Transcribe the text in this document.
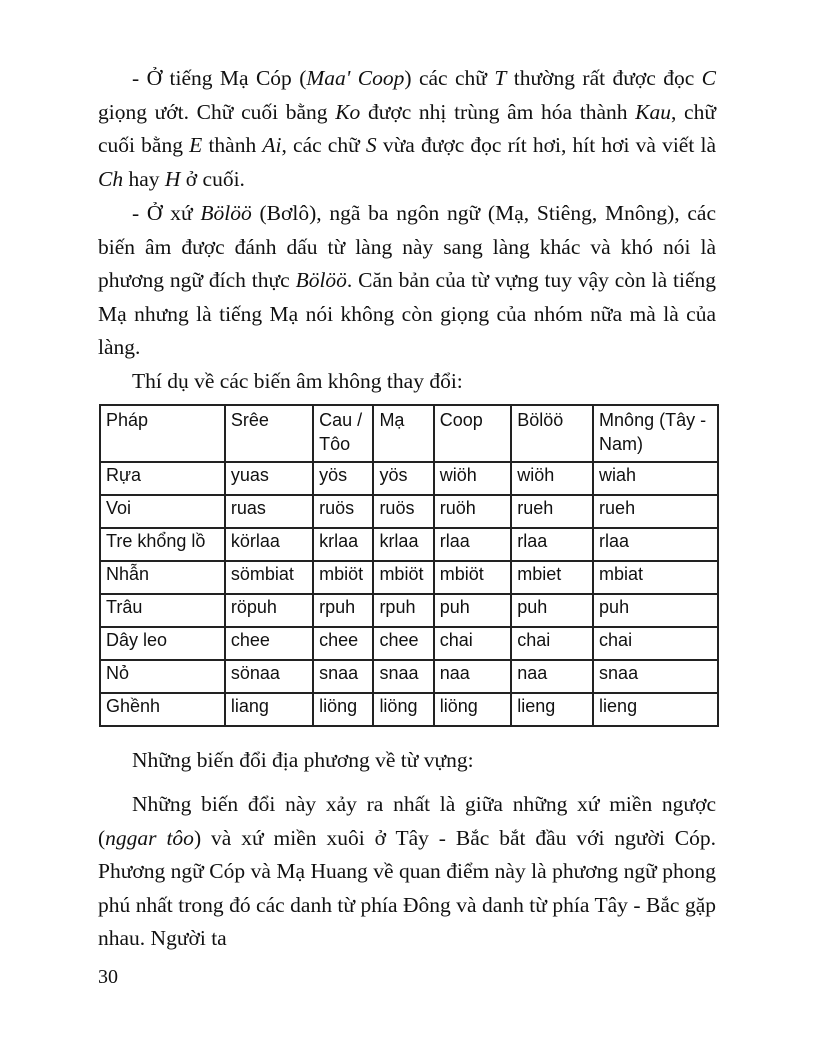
- Ở tiếng Mạ Cóp (Maa' Coop) các chữ T thường rất được đọc C giọng ướt. Chữ cuối bằng Ko được nhị trùng âm hóa thành Kau, chữ cuối bằng E thành Ai, các chữ S vừa được đọc rít hơi, hít hơi và viết là Ch hay H ở cuối.

- Ở xứ Bölöö (Bơlô), ngã ba ngôn ngữ (Mạ, Stiêng, Mnông), các biến âm được đánh dấu từ làng này sang làng khác và khó nói là phương ngữ đích thực Bölöö. Căn bản của từ vựng tuy vậy còn là tiếng Mạ nhưng là tiếng Mạ nói không còn giọng của nhóm nữa mà là của làng.

Thí dụ về các biến âm không thay đổi:

Pháp	Srêe	Cau / Tôo	Mạ	Coop	Bölöö	Mnông (Tây - Nam)
Rựa	yuas	yös	yös	wiöh	wiöh	wiah
Voi	ruas	ruös	ruös	ruöh	rueh	rueh
Tre khổng lồ	körlaa	krlaa	krlaa	rlaa	rlaa	rlaa
Nhẫn	sömbiat	mbiöt	mbiöt	mbiöt	mbiet	mbiat
Trâu	röpuh	rpuh	rpuh	puh	puh	puh
Dây leo	chee	chee	chee	chai	chai	chai
Nỏ	sönaa	snaa	snaa	naa	naa	snaa
Ghềnh	liang	liöng	liöng	liöng	lieng	lieng

Những biến đổi địa phương về từ vựng:

Những biến đổi này xảy ra nhất là giữa những xứ miền ngược (nggar tôo) và xứ miền xuôi ở Tây - Bắc bắt đầu với người Cóp. Phương ngữ Cóp và Mạ Huang về quan điểm này là phương ngữ phong phú nhất trong đó các danh từ phía Đông và danh từ phía Tây - Bắc gặp nhau. Người ta

30
